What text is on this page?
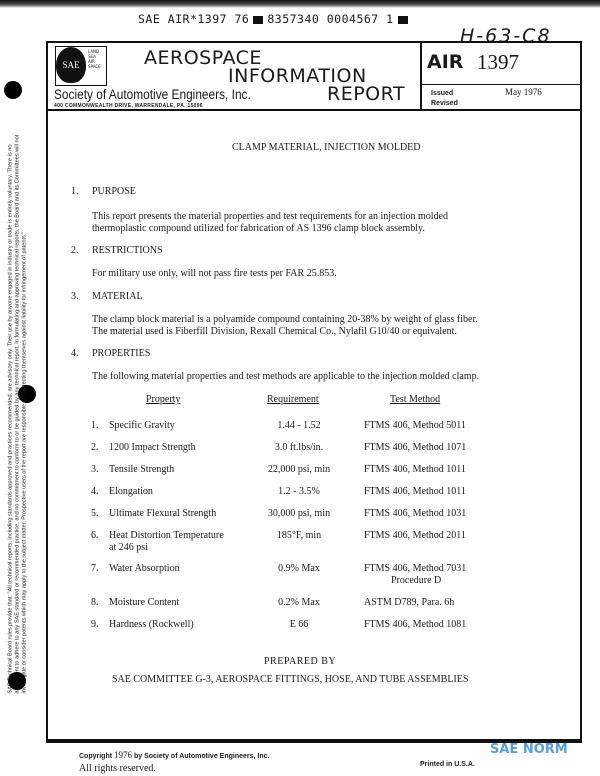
SAE AIR*1397 76 8357340 0004567 1
H-63-C8
SAE Technical Board rules provide that: "All technical reports, including standards approved and practices recommended, are advisory only. Their use by anyone engaged in industry or trade is entirely voluntary. There is no agreement to adhere to any SAE standard or recommended practice, and no commitment to conform to or be guided by any technical report. In formulating and approving technical reports, the Board and its Committees will not investigate or consider patents which may apply to the subject matter. Prospective users of the report are responsible for protecting themselves against liability for infringement of patents."
SAE
LAND
SEA
AIR
SPACE AEROSPACE
INFORMATION
REPORT
Society of Automotive Engineers, Inc.
400 COMMONWEALTH DRIVE, WARRENDALE, PA. 15096
AIR 1397
Issued	May 1976
Revised
CLAMP MATERIAL, INJECTION MOLDED
1. PURPOSE
This report presents the material properties and test requirements for an injection molded
thermoplastic compound utilized for fabrication of AS 1396 clamp block assembly.
2. RESTRICTIONS
For military use only, will not pass fire tests per FAR 25.853.
3. MATERIAL
The clamp block material is a polyamide compound containing 20-38% by weight of glass fiber.
The material used is Fiberfill Division, Rexall Chemical Co., Nylafil G10/40 or equivalent.
4. PROPERTIES
The following material properties and test methods are applicable to the injection molded clamp.
Property	Requirement	Test Method
1. Specific Gravity	1.44 - 1.52	FTMS 406, Method 5011
2. 1200 Impact Strength	3.0 ft.lbs/in.	FTMS 406, Method 1071
3. Tensile Strength	22,000 psi, min	FTMS 406, Method 1011
4. Elongation	1.2 - 3.5%	FTMS 406, Method 1011
5. Ultimate Flexural Strength	30,000 psi, min	FTMS 406, Method 1031
6. Heat Distortion Temperature
at 246 psi
185°F, min	FTMS 406, Method 2011
7. Water Absorption	0.9% Max	FTMS 406, Method 7031
Procedure D
8. Moisture Content	0.2% Max	ASTM D789, Para. 6h
9. Hardness (Rockwell)	E 66	FTMS 406, Method 1081
PREPARED BY
SAE COMMITTEE G-3, AEROSPACE FITTINGS, HOSE, AND TUBE ASSEMBLIES
Copyright 1976 by Society of Automotive Engineers, Inc.
All rights reserved.	Printed in U.S.A.
SAE NORM
